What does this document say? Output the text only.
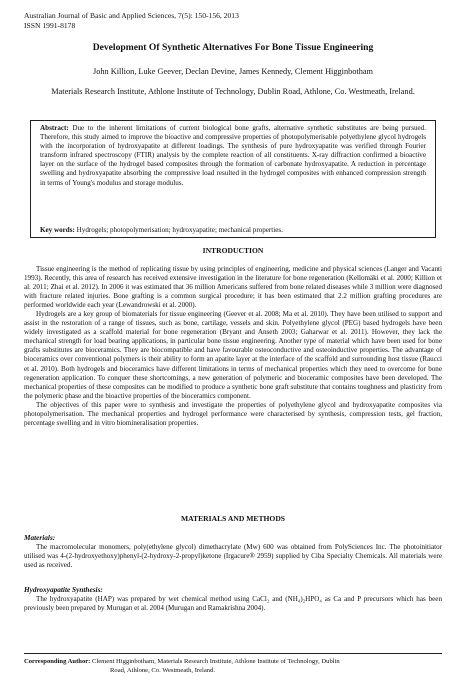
Australian Journal of Basic and Applied Sciences, 7(5): 150-156, 2013
ISSN 1991-8178
Development Of Synthetic Alternatives For Bone Tissue Engineering
John Killion, Luke Geever, Declan Devine, James Kennedy, Clement Higginbotham
Materials Research Institute, Athlone Institute of Technology, Dublin Road, Athlone, Co. Westmeath, Ireland.
Abstract: Due to the inherent limitations of current biological bone grafts, alternative synthetic substitutes are being pursued. Therefore, this study aimed to improve the bioactive and compressive properties of photopolymerisable polyethylene glycol hydrogels with the incorporation of hydroxyapatite at different loadings. The synthesis of pure hydroxyapatite was verified through Fourier transform infrared spectroscopy (FTIR) analysis by the complete reaction of all constituents. X-ray diffraction confirmed a bioactive layer on the surface of the hydrogel based composites through the formation of carbonate hydroxyapatite. A reduction in percentage swelling and hydroxyapatite absorbing the compressive load resulted in the hydrogel composites with enhanced compression strength in terms of Young's modulus and storage modulus.
Key words: Hydrogels; photopolymerisation; hydroxyapatite; mechanical properties.
INTRODUCTION

Tissue engineering is the method of replicating tissue by using principles of engineering, medicine and physical sciences (Langer and Vacanti 1993). Recently, this area of research has received extensive investigation in the literature for bone regeneration (Kellomäki et al. 2000; Killion et al. 2011; Zhai et al. 2012). In 2006 it was estimated that 36 million Americans suffered from bone related diseases while 3 million were diagnosed with fracture related injuries. Bone grafting is a common surgical procedure; it has been estimated that 2.2 million grafting procedures are performed worldwide each year (Lewandrowski et al. 2000).

Hydrogels are a key group of biomaterials for tissue engineering (Geever et al. 2008; Ma et al. 2010). They have been utilised to support and assist in the restoration of a range of tissues, such as bone, cartilage, vessels and skin. Polyethylene glycol (PEG) based hydrogels have been widely investigated as a scaffold material for bone regeneration (Bryant and Anseth 2003; Gaharwar et al. 2011). However, they lack the mechanical strength for load bearing applications, in particular bone tissue engineering. Another type of material which have been used for bone grafts substitutes are bioceramics. They are biocompatible and have favourable osteoconductive and osteoinductive properties. The advantage of bioceramics over conventional polymers is their ability to form an apatite layer at the interface of the scaffold and surrounding host tissue (Raucci et al. 2010). Both hydrogels and bioceramics have different limitations in terms of mechanical properties which they need to overcome for bone regeneration application. To conquer these shortcomings, a new generation of polymeric and bioceramic composites have been developed. The mechanical properties of these composites can be modified to produce a synthetic bone graft substitute that contains toughness and plasticity from the polymeric phase and the bioactive properties of the bioceramics component.

The objectives of this paper were to synthesis and investigate the properties of polyethylene glycol and hydroxyapatite composites via photopolymerisation. The mechanical properties and hydrogel performance were characterised by synthesis, compression tests, gel fraction, percentage swelling and in vitro biomineralisation properties.

MATERIALS AND METHODS
Materials:

The macromolecular monomers, poly(ethylene glycol) dimethacrylate (Mw) 600 was obtained from PolySciences Inc. The photoinitiator utilised was 4-(2-hydroxyethoxy)phenyl-(2-hydroxy-2-propyl)ketone (Irgacure® 2959) supplied by Ciba Specialty Chemicals. All materials were used as received.

Hydroxyapatite Synthesis:

The hydroxyapatite (HAP) was prepared by wet chemical method using CaCl₂ and (NH₄)₂HPO₄ as Ca and P precursors which has been previously been prepared by Murugan et al. 2004 (Murugan and Ramakrishna 2004).

Corresponding Author: Clement Higginbotham, Materials Research Institute, Athlone Institute of Technology, Dublin
Road, Athlone, Co. Westmeath, Ireland.
